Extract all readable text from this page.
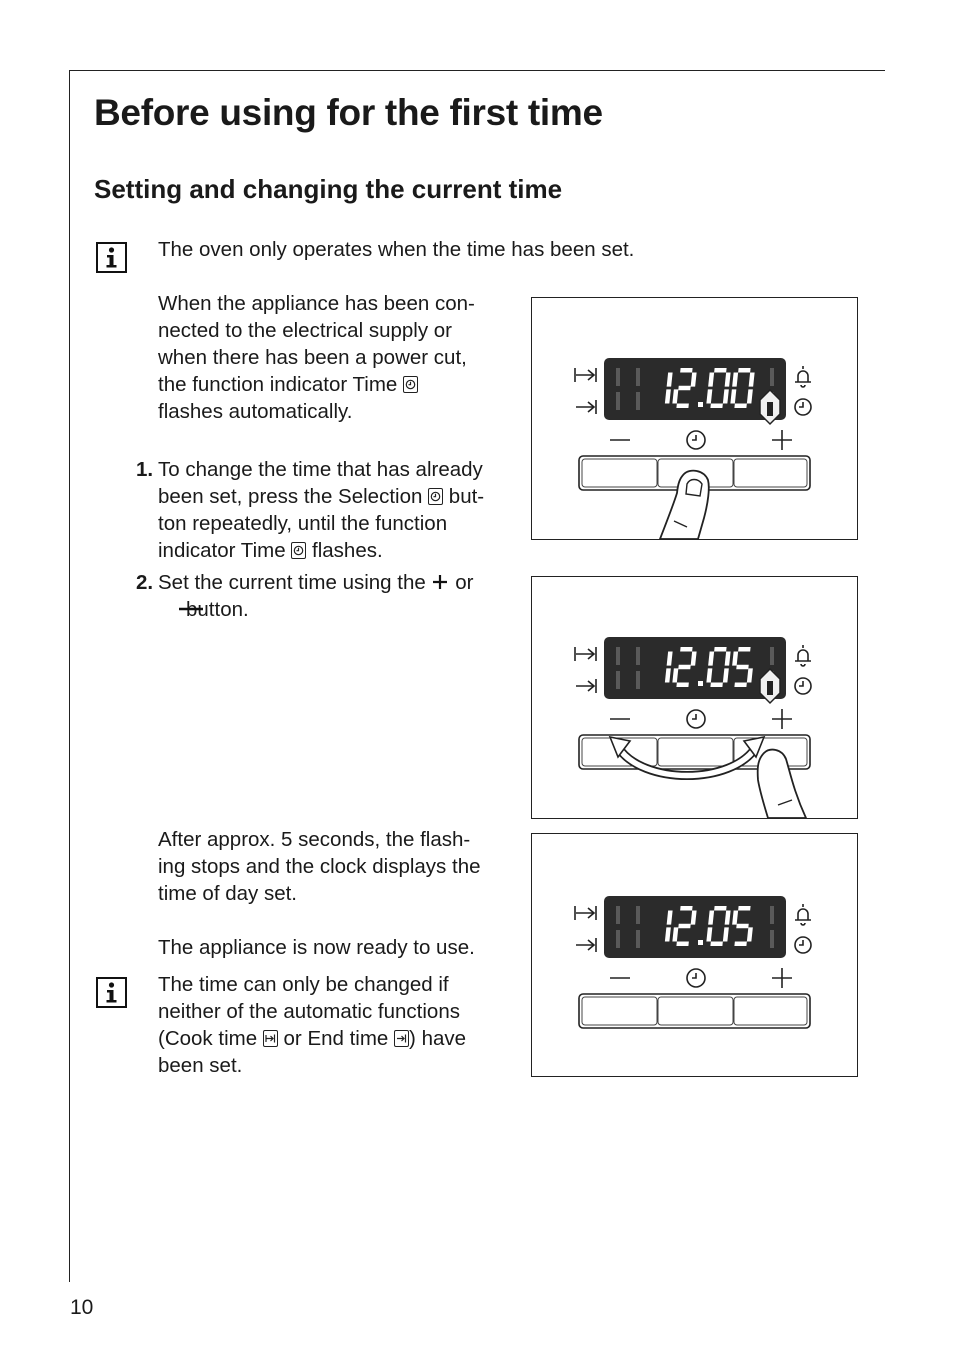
Before using for the first time
Setting and changing the current time

The oven only operates when the time has been set.

When the appliance has been con-
nected to the electrical supply or
when there has been a power cut,
the function indicator Time
flashes automatically.
1. To change the time that has already
been set, press the Selection but-
ton repeatedly, until the function
indicator Time flashes.
2. Set the current time using the or
button.
After approx. 5 seconds, the flash-
ing stops and the clock displays the
time of day set.

The appliance is now ready to use.

The time can only be changed if
neither of the automatic functions
(Cook time or End time ) have
been set.
10
